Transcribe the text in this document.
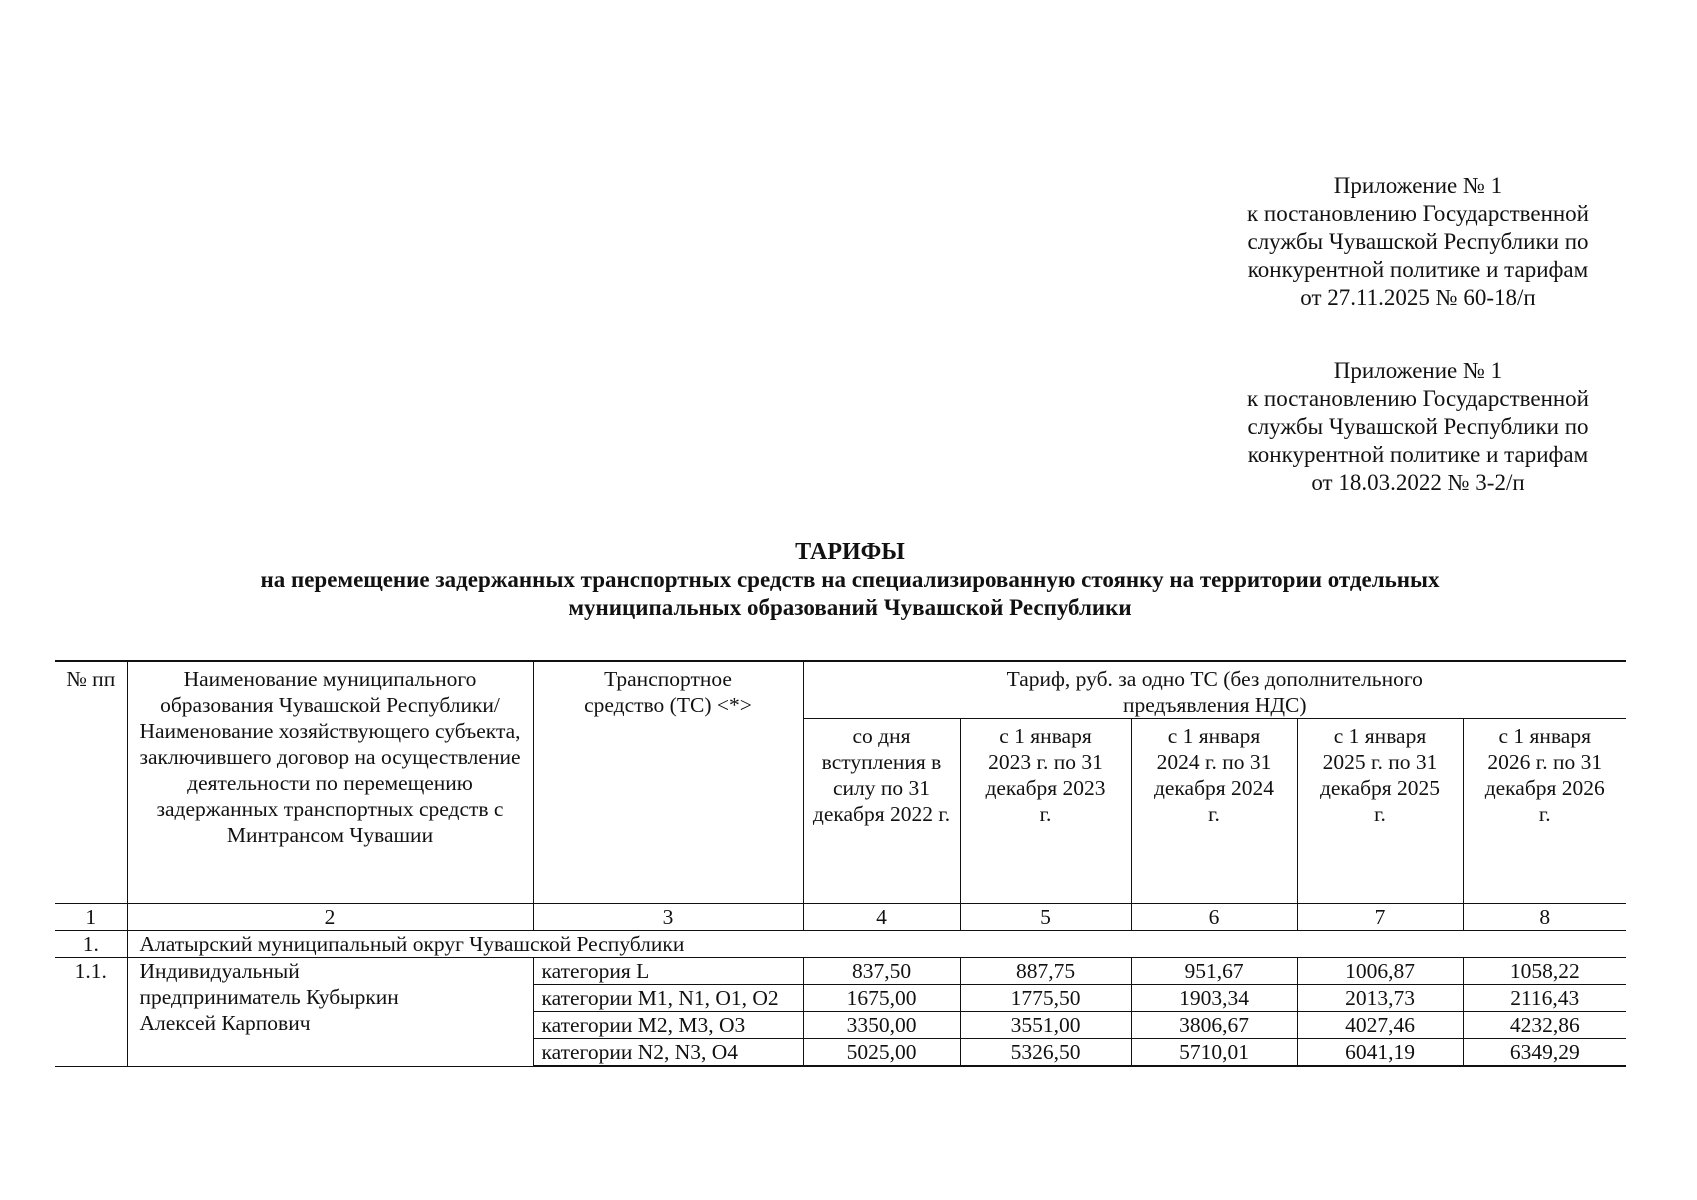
Приложение № 1
к постановлению Государственной
службы Чувашской Республики по
конкурентной политике и тарифам
от 27.11.2025 № 60-18/п
Приложение № 1
к постановлению Государственной
службы Чувашской Республики по
конкурентной политике и тарифам
от 18.03.2022 № 3-2/п
ТАРИФЫ
на перемещение задержанных транспортных средств на специализированную стоянку на территории отдельных
муниципальных образований Чувашской Республики
№ пп	Наименование муниципального образования Чувашской Республики/ Наименование хозяйствующего субъекта, заключившего договор на осуществление деятельности по перемещению задержанных транспортных средств с Минтрансом Чувашии	Транспортное средство (ТС) <*>	Тариф, руб. за одно ТС (без дополнительного предъявления НДС)				
			со дня вступления в силу по 31 декабря 2022 г.	с 1 января 2023 г. по 31 декабря 2023 г.	с 1 января 2024 г. по 31 декабря 2024 г.	с 1 января 2025 г. по 31 декабря 2025 г.	с 1 января 2026 г. по 31 декабря 2026 г.
1	2	3	4	5	6	7	8
1.	Алатырский муниципальный округ Чувашской Республики						
1.1.	Индивидуальный предприниматель Кубыркин Алексей Карпович	категория L	837,50	887,75	951,67	1006,87	1058,22
		категории M1, N1, O1, O2	1675,00	1775,50	1903,34	2013,73	2116,43
		категории M2, M3, O3	3350,00	3551,00	3806,67	4027,46	4232,86
		категории N2, N3, O4	5025,00	5326,50	5710,01	6041,19	6349,29
